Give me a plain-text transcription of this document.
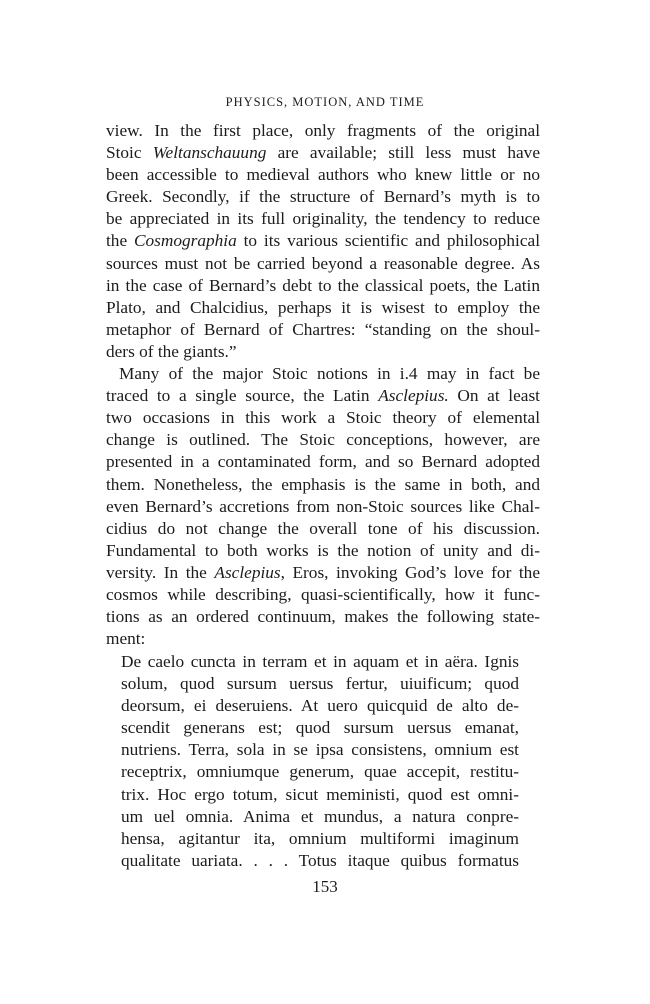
PHYSICS, MOTION, AND TIME
view. In the first place, only fragments of the original
Stoic Weltanschauung are available; still less must have
been accessible to medieval authors who knew little or no
Greek. Secondly, if the structure of Bernard’s myth is to
be appreciated in its full originality, the tendency to reduce
the Cosmographia to its various scientific and philosophical
sources must not be carried beyond a reasonable degree. As
in the case of Bernard’s debt to the classical poets, the Latin
Plato, and Chalcidius, perhaps it is wisest to employ the
metaphor of Bernard of Chartres: “standing on the shoul-
ders of the giants.”
Many of the major Stoic notions in i.4 may in fact be
traced to a single source, the Latin Asclepius. On at least
two occasions in this work a Stoic theory of elemental
change is outlined. The Stoic conceptions, however, are
presented in a contaminated form, and so Bernard adopted
them. Nonetheless, the emphasis is the same in both, and
even Bernard’s accretions from non-Stoic sources like Chal-
cidius do not change the overall tone of his discussion.
Fundamental to both works is the notion of unity and di-
versity. In the Asclepius, Eros, invoking God’s love for the
cosmos while describing, quasi-scientifically, how it func-
tions as an ordered continuum, makes the following state-
ment:
De caelo cuncta in terram et in aquam et in aëra. Ignis
solum, quod sursum uersus fertur, uiuificum; quod
deorsum, ei deseruiens. At uero quicquid de alto de-
scendit generans est; quod sursum uersus emanat,
nutriens. Terra, sola in se ipsa consistens, omnium est
receptrix, omniumque generum, quae accepit, restitu-
trix. Hoc ergo totum, sicut meministi, quod est omni-
um uel omnia. Anima et mundus, a natura conpre-
hensa, agitantur ita, omnium multiformi imaginum
qualitate uariata. . . . Totus itaque quibus formatus
153
